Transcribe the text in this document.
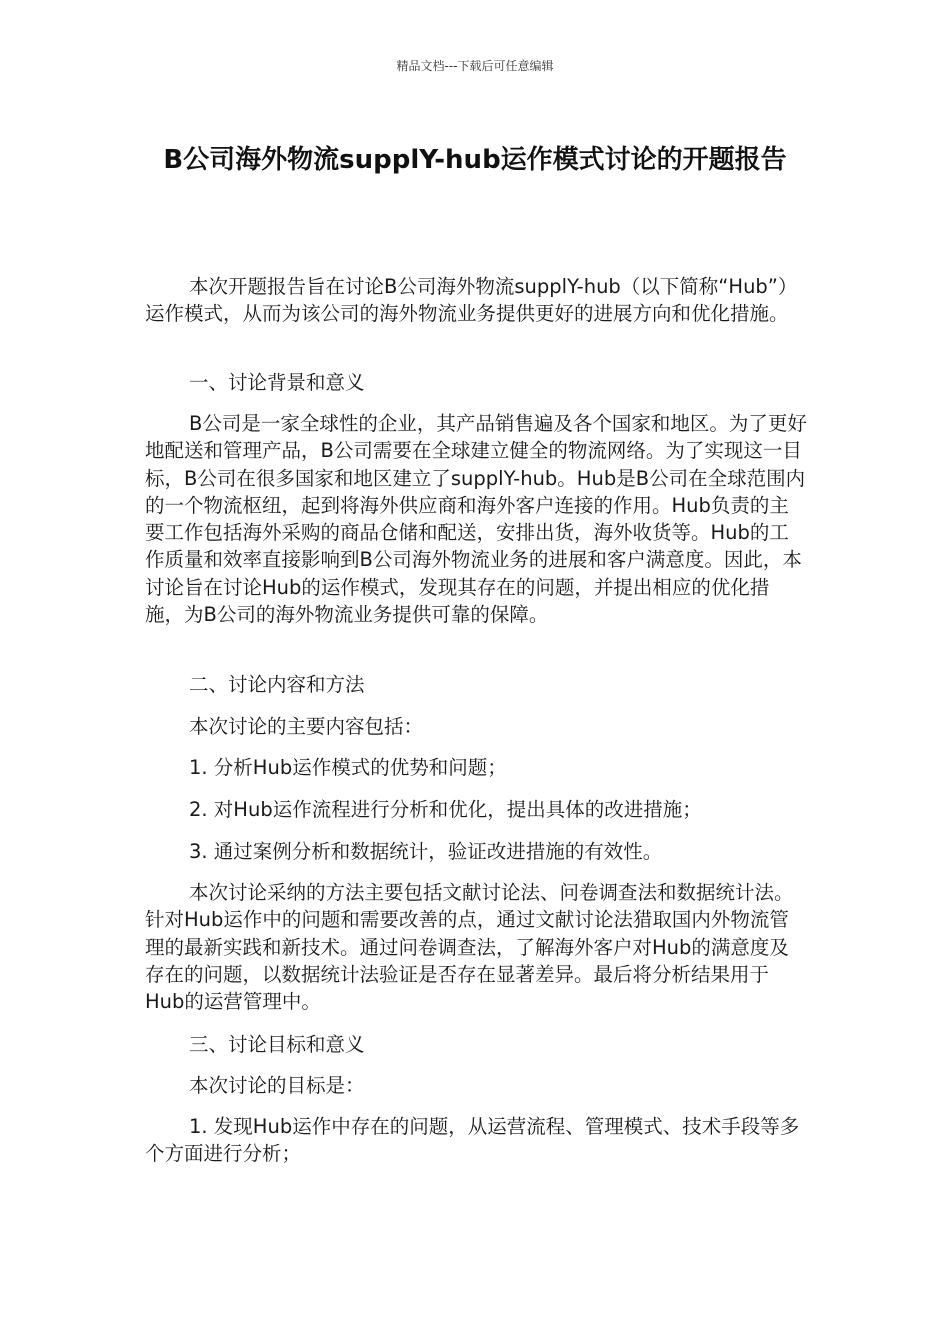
精品文档---下载后可任意编辑
B公司海外物流supplY-hub运作模式讨论的开题报告

本次开题报告旨在讨论B公司海外物流supplY-hub（以下简称“Hub”）运作模式，从而为该公司的海外物流业务提供更好的进展方向和优化措施。

一、讨论背景和意义

B公司是一家全球性的企业，其产品销售遍及各个国家和地区。为了更好地配送和管理产品，B公司需要在全球建立健全的物流网络。为了实现这一目标，B公司在很多国家和地区建立了supplY-hub。Hub是B公司在全球范围内的一个物流枢纽，起到将海外供应商和海外客户连接的作用。Hub负责的主要工作包括海外采购的商品仓储和配送，安排出货，海外收货等。Hub的工作质量和效率直接影响到B公司海外物流业务的进展和客户满意度。因此，本讨论旨在讨论Hub的运作模式，发现其存在的问题，并提出相应的优化措施，为B公司的海外物流业务提供可靠的保障。

二、讨论内容和方法

本次讨论的主要内容包括：

1. 分析Hub运作模式的优势和问题；

2. 对Hub运作流程进行分析和优化，提出具体的改进措施；

3. 通过案例分析和数据统计，验证改进措施的有效性。

本次讨论采纳的方法主要包括文献讨论法、问卷调查法和数据统计法。针对Hub运作中的问题和需要改善的点，通过文献讨论法猎取国内外物流管理的最新实践和新技术。通过问卷调查法，了解海外客户对Hub的满意度及存在的问题，以数据统计法验证是否存在显著差异。最后将分析结果用于Hub的运营管理中。

三、讨论目标和意义

本次讨论的目标是：

1. 发现Hub运作中存在的问题，从运营流程、管理模式、技术手段等多个方面进行分析；
